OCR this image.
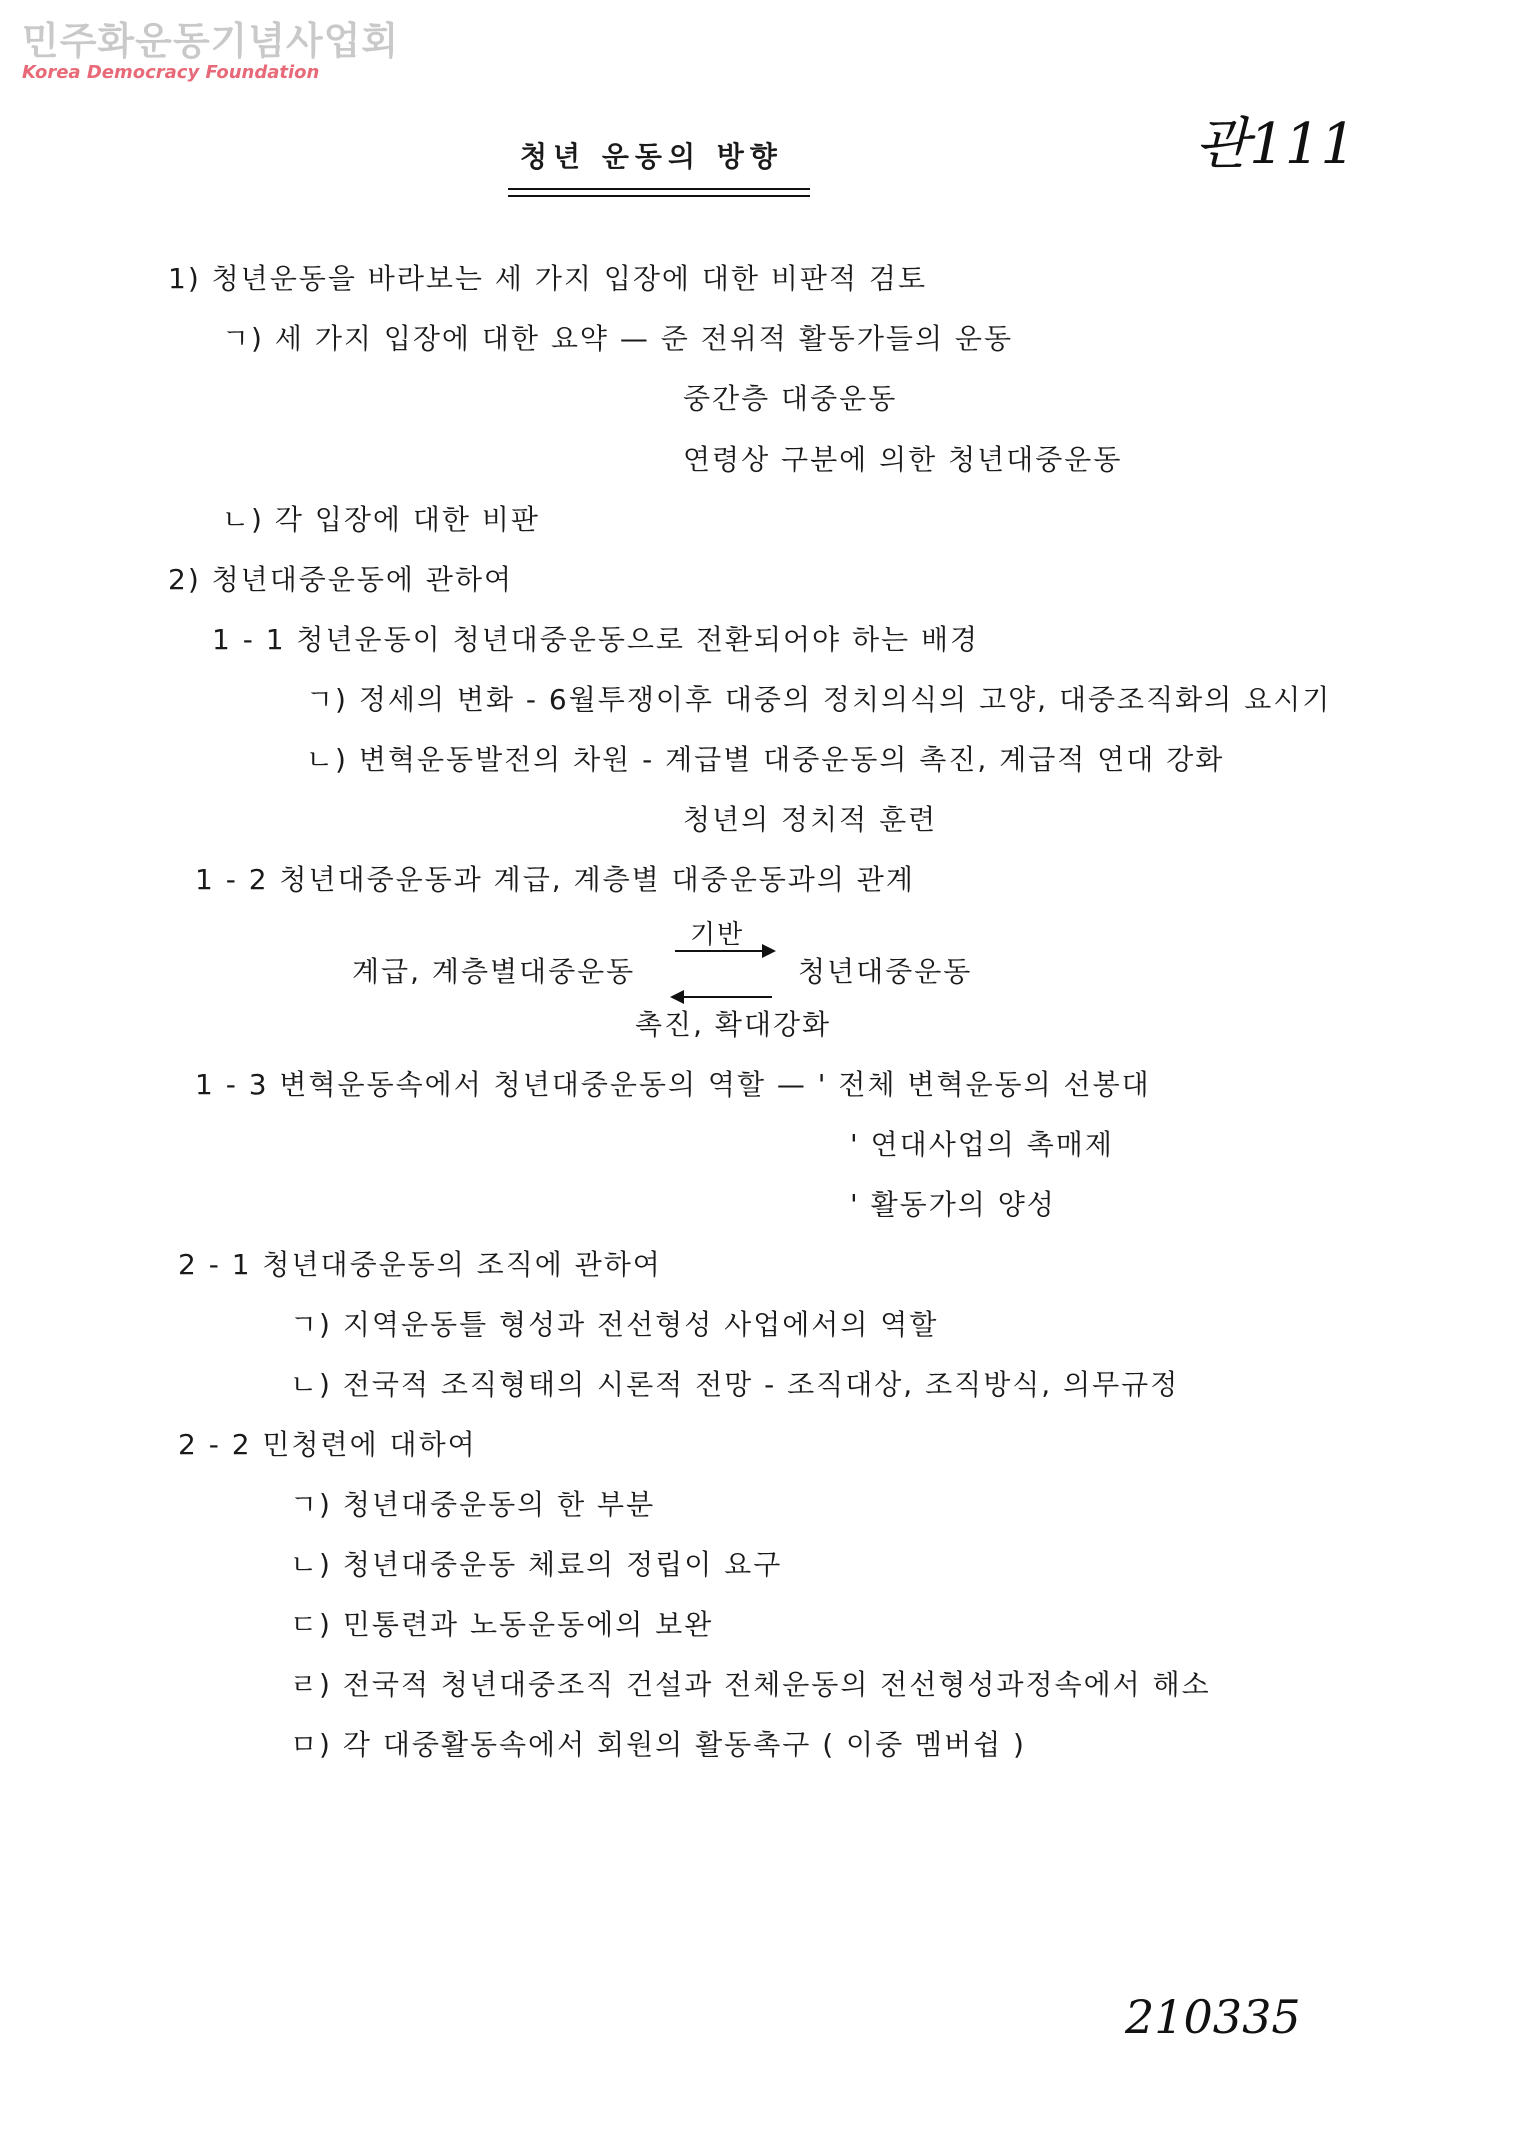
민주화운동기념사업회
Korea Democracy Foundation
관111
청년 운동의 방향
1) 청년운동을 바라보는 세 가지 입장에 대한 비판적 검토
ㄱ) 세 가지 입장에 대한 요약 — 준 전위적 활동가들의 운동
중간층 대중운동
연령상 구분에 의한 청년대중운동
ㄴ) 각 입장에 대한 비판
2) 청년대중운동에 관하여
1 - 1 청년운동이 청년대중운동으로 전환되어야 하는 배경
ㄱ) 정세의 변화 - 6월투쟁이후 대중의 정치의식의 고양, 대중조직화의 요시기
ㄴ) 변혁운동발전의 차원 - 계급별 대중운동의 촉진, 계급적 연대 강화
청년의 정치적 훈련
1 - 2 청년대중운동과 계급, 계층별 대중운동과의 관계
계급, 계층별대중운동
기반
청년대중운동
촉진, 확대강화
1 - 3 변혁운동속에서 청년대중운동의 역할 — ' 전체 변혁운동의 선봉대
' 연대사업의 촉매제
' 활동가의 양성
2 - 1 청년대중운동의 조직에 관하여
ㄱ) 지역운동틀 형성과 전선형성 사업에서의 역할
ㄴ) 전국적 조직형태의 시론적 전망 - 조직대상, 조직방식, 의무규정
2 - 2 민청련에 대하여
ㄱ) 청년대중운동의 한 부분
ㄴ) 청년대중운동 체료의 정립이 요구
ㄷ) 민통련과 노동운동에의 보완
ㄹ) 전국적 청년대중조직 건설과 전체운동의 전선형성과정속에서 해소
ㅁ) 각 대중활동속에서 회원의 활동촉구 ( 이중 멤버쉽 )
210335
